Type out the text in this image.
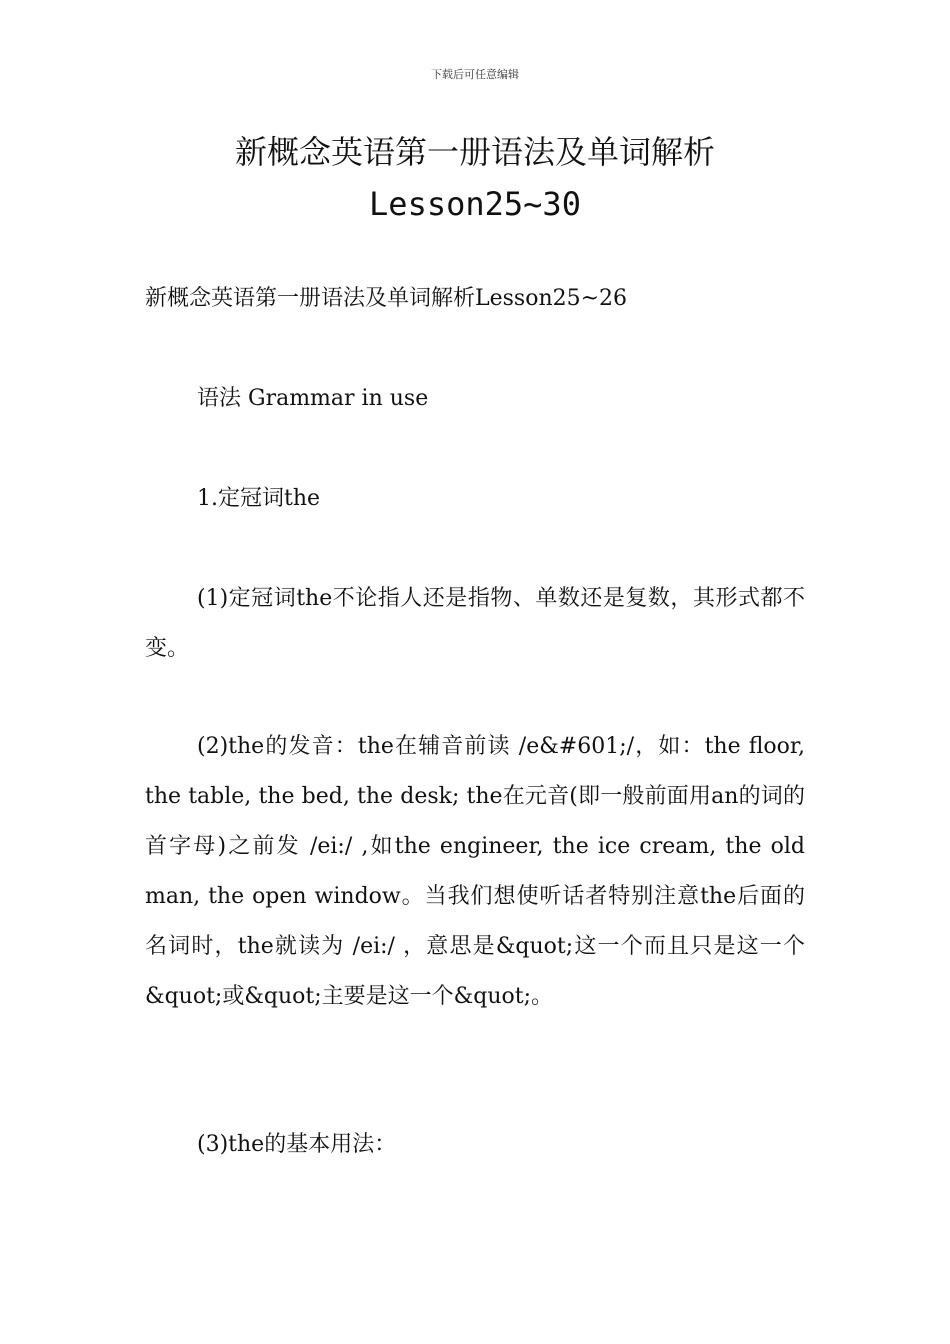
下载后可任意编辑
新概念英语第一册语法及单词解析
Lesson25~30

新概念英语第一册语法及单词解析Lesson25~26

语法 Grammar in use

1.定冠词the

(1)定冠词the不论指人还是指物、单数还是复数，其形式都不变。

(2)the的发音：the在辅音前读 /e&#601;/，如：the floor, the table, the bed, the desk; the在元音(即一般前面用an的词的首字母)之前发 /ei:/ ,如the engineer, the ice cream, the old man, the open window。当我们想使听话者特别注意the后面的名词时，the就读为 /ei:/ ，意思是&quot;这一个而且只是这一个&quot;或&quot;主要是这一个&quot;。

(3)the的基本用法：
